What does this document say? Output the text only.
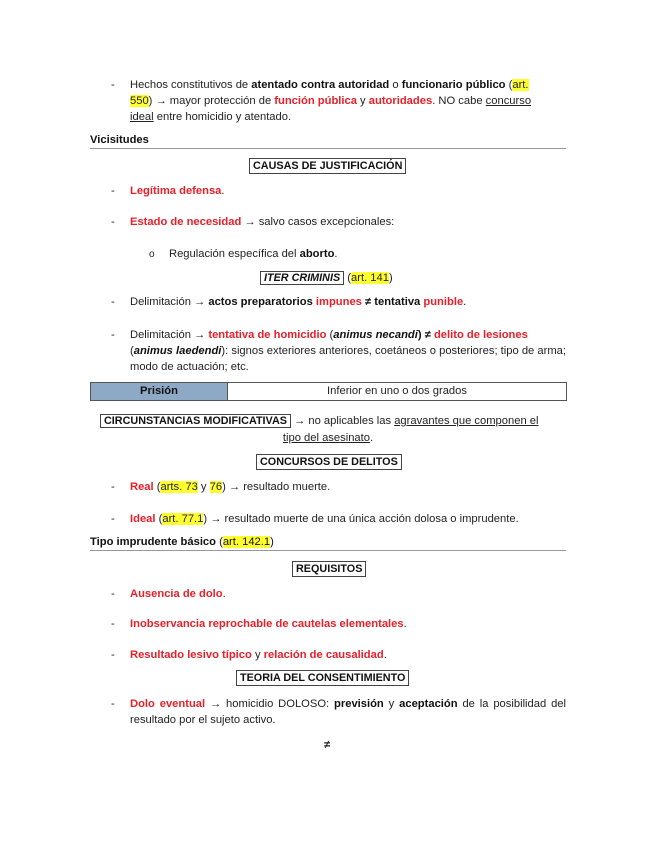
- Hechos constitutivos de atentado contra autoridad o funcionario público (art.
550) → mayor protección de función pública y autoridades. NO cabe concurso
ideal entre homicidio y atentado.
Vicisitudes
CAUSAS DE JUSTIFICACIÓN
- Legítima defensa.
- Estado de necesidad → salvo casos excepcionales:
o Regulación específica del aborto.
ITER CRIMINIS (art. 141)
- Delimitación → actos preparatorios impunes ≠ tentativa punible.
- Delimitación → tentativa de homicidio (animus necandi) ≠ delito de lesiones
(animus laedendi): signos exteriores anteriores, coetáneos o posteriores; tipo de arma; modo de actuación; etc.
Prisión	Inferior en uno o dos grados
CIRCUNSTANCIAS MODIFICATIVAS → no aplicables las agravantes que componen el
tipo del asesinato.
CONCURSOS DE DELITOS
- Real (arts. 73 y 76) → resultado muerte.
- Ideal (art. 77.1) → resultado muerte de una única acción dolosa o imprudente.
Tipo imprudente básico (art. 142.1)
REQUISITOS
- Ausencia de dolo.
- Inobservancia reprochable de cautelas elementales.
- Resultado lesivo típico y relación de causalidad.
TEORIA DEL CONSENTIMIENTO
- Dolo eventual → homicidio DOLOSO: previsión y aceptación de la posibilidad del resultado por el sujeto activo.
≠
